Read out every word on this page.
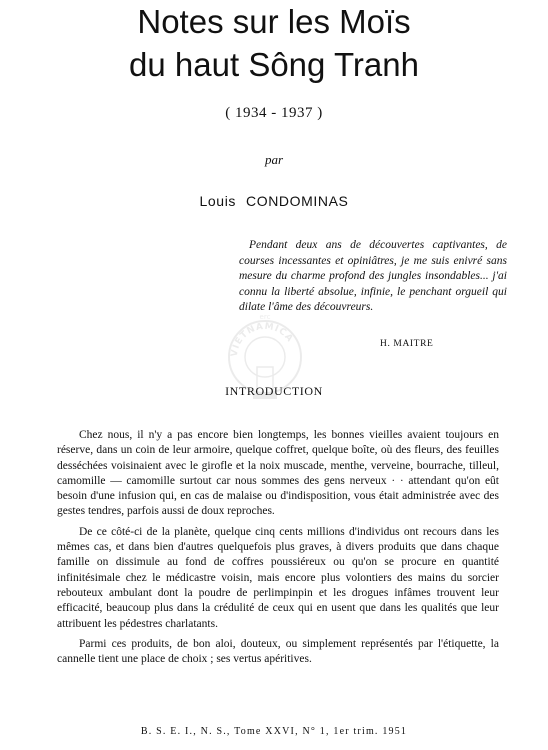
Notes sur les Moïs
du haut Sông Tranh
( 1934 - 1937 )
par
Louis CONDOMINAS
Pendant deux ans de découvertes captivantes, de courses incessantes et opiniâtres, je me suis enivré sans mesure du charme profond des jungles insondables... j'ai connu la liberté absolue, infinie, le penchant orgueil qui dilate l'âme des découvreurs.
H. MAITRE
VIETNAMICA
erc
INTRODUCTION

Chez nous, il n'y a pas encore bien longtemps, les bonnes vieilles avaient toujours en réserve, dans un coin de leur armoire, quelque coffret, quelque boîte, où des fleurs, des feuilles desséchées voisinaient avec le girofle et la noix muscade, menthe, verveine, bourrache, tilleul, camomille — camomille surtout car nous sommes des gens nerveux · · attendant qu'on eût besoin d'une infusion qui, en cas de malaise ou d'indisposition, vous était administrée avec des gestes tendres, parfois aussi de doux reproches.

De ce côté-ci de la planète, quelque cinq cents millions d'individus ont recours dans les mêmes cas, et dans bien d'autres quelquefois plus graves, à divers produits que dans chaque famille on dissimule au fond de coffres poussiéreux ou qu'on se procure en quantité infinitésimale chez le médicastre voisin, mais encore plus volontiers des mains du sorcier rebouteux ambulant dont la poudre de perlimpinpin et les drogues infâmes trouvent leur efficacité, beaucoup plus dans la crédulité de ceux qui en usent que dans les qualités que leur attribuent les pédestres charlatants.

Parmi ces produits, de bon aloi, douteux, ou simplement représentés par l'étiquette, la cannelle tient une place de choix ; ses vertus apéritives.

B. S. E. I., N. S., Tome XXVI, N° 1, 1er trim. 1951
